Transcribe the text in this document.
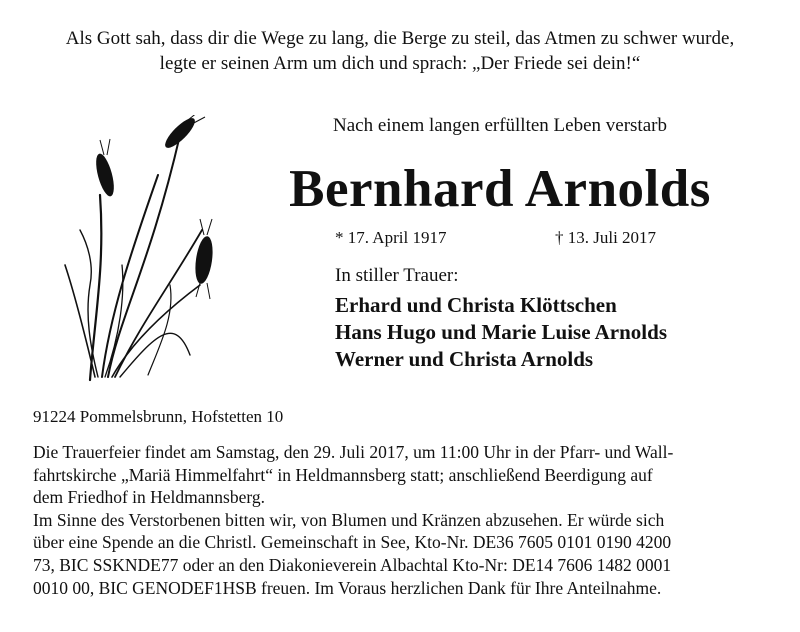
Als Gott sah, dass dir die Wege zu lang, die Berge zu steil, das Atmen zu schwer wurde,
legte er seinen Arm um dich und sprach: „Der Friede sei dein!“
Nach einem langen erfüllten Leben verstarb
Bernhard Arnolds
* 17. April 1917	† 13. Juli 2017
In stiller Trauer:
Erhard und Christa Klöttschen
Hans Hugo und Marie Luise Arnolds
Werner und Christa Arnolds
91224 Pommelsbrunn, Hofstetten 10
Die Trauerfeier findet am Samstag, den 29. Juli 2017, um 11:00 Uhr in der Pfarr- und Wall-
fahrtskirche „Mariä Himmelfahrt“ in Heldmannsberg statt; anschließend Beerdigung auf
dem Friedhof in Heldmannsberg.
Im Sinne des Verstorbenen bitten wir, von Blumen und Kränzen abzusehen. Er würde sich
über eine Spende an die Christl. Gemeinschaft in See, Kto-Nr. DE36 7605 0101 0190 4200
73, BIC SSKNDE77 oder an den Diakonieverein Albachtal Kto-Nr: DE14 7606 1482 0001
0010 00, BIC GENODEF1HSB freuen. Im Voraus herzlichen Dank für Ihre Anteilnahme.
